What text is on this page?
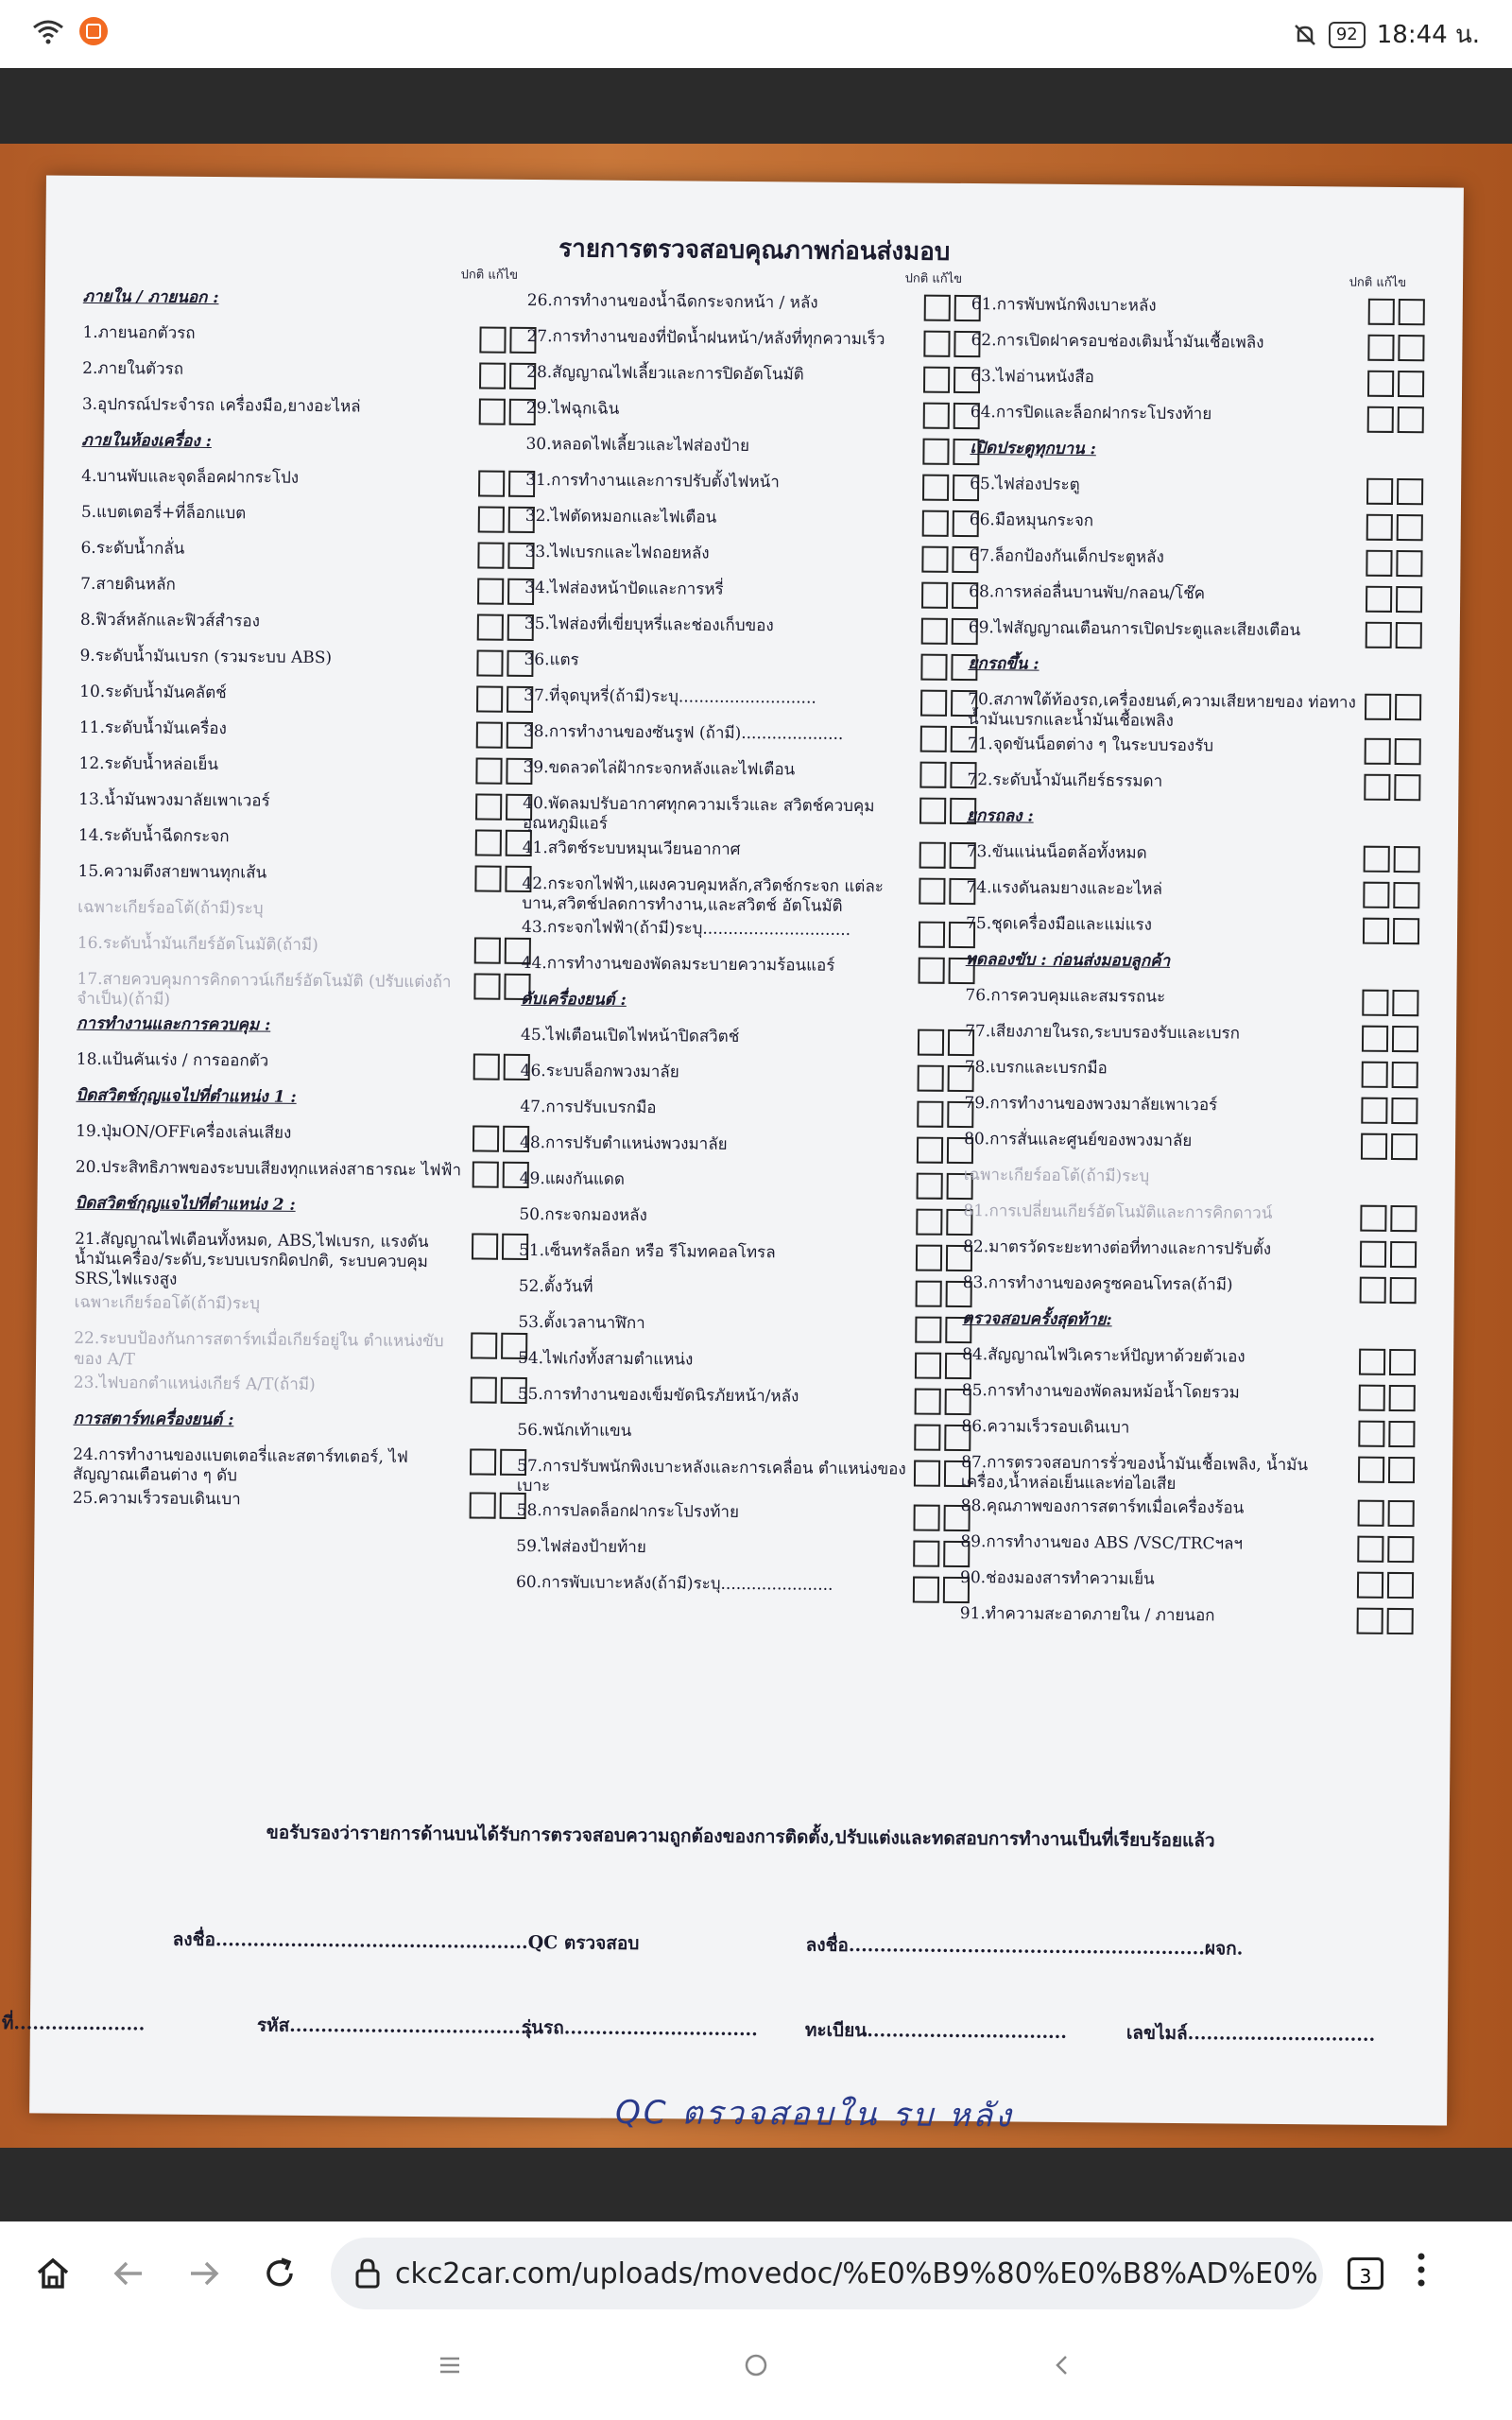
92 18:44 น.
รายการตรวจสอบคุณภาพก่อนส่งมอบ
ปกติ แก้ไข
ภายใน / ภายนอก :
1.ภายนอกตัวรถ
2.ภายในตัวรถ
3.อุปกรณ์ประจำรถ เครื่องมือ,ยางอะไหล่
ภายในห้องเครื่อง :
4.บานพับและจุดล็อคฝากระโปง
5.แบตเตอรี่+ที่ล็อกแบต
6.ระดับน้ำกลั่น
7.สายดินหลัก
8.ฟิวส์หลักและฟิวส์สำรอง
9.ระดับน้ำมันเบรก (รวมระบบ ABS)
10.ระดับน้ำมันคลัตช์
11.ระดับน้ำมันเครื่อง
12.ระดับน้ำหล่อเย็น
13.น้ำมันพวงมาลัยเพาเวอร์
14.ระดับน้ำฉีดกระจก
15.ความตึงสายพานทุกเส้น
เฉพาะเกียร์ออโต้(ถ้ามี)ระบุ
16.ระดับน้ำมันเกียร์อัตโนมัติ(ถ้ามี)
17.สายควบคุมการคิกดาวน์เกียร์อัตโนมัติ (ปรับแต่งถ้าจำเป็น)(ถ้ามี)
การทำงานและการควบคุม :
18.แป้นคันเร่ง / การออกตัว
บิดสวิตช์กุญแจไปที่ตำแหน่ง 1 :
19.ปุ่มON/OFFเครื่องเล่นเสียง
20.ประสิทธิภาพของระบบเสียงทุกแหล่งสาธารณะ ไฟฟ้า
บิดสวิตช์กุญแจไปที่ตำแหน่ง 2 :
21.สัญญาณไฟเตือนทั้งหมด, ABS,ไฟเบรก, แรงดันน้ำมันเครื่อง/ระดับ,ระบบเบรกผิดปกติ, ระบบควบคุม SRS,ไฟแรงสูง
เฉพาะเกียร์ออโต้(ถ้ามี)ระบุ
22.ระบบป้องกันการสตาร์ทเมื่อเกียร์อยู่ใน ตำแหน่งขับของ A/T
23.ไฟบอกตำแหน่งเกียร์ A/T(ถ้ามี)
การสตาร์ทเครื่องยนต์ :
24.การทำงานของแบตเตอรี่และสตาร์ทเตอร์, ไฟสัญญาณเตือนต่าง ๆ ดับ
25.ความเร็วรอบเดินเบา
ปกติ แก้ไข
26.การทำงานของน้ำฉีดกระจกหน้า / หลัง
27.การทำงานของที่ปัดน้ำฝนหน้า/หลังที่ทุกความเร็ว
28.สัญญาณไฟเลี้ยวและการปิดอัตโนมัติ
29.ไฟฉุกเฉิน
30.หลอดไฟเลี้ยวและไฟส่องป้าย
31.การทำงานและการปรับตั้งไฟหน้า
32.ไฟตัดหมอกและไฟเตือน
33.ไฟเบรกและไฟถอยหลัง
34.ไฟส่องหน้าปัดและการหรี่
35.ไฟส่องที่เขี่ยบุหรี่และช่องเก็บของ
36.แตร
37.ที่จุดบุหรี่(ถ้ามี)ระบุ...........................
38.การทำงานของซันรูฟ (ถ้ามี)....................
39.ขดลวดไล่ฝ้ากระจกหลังและไฟเตือน
40.พัดลมปรับอากาศทุกความเร็วและ สวิตช์ควบคุมอุณหภูมิแอร์
41.สวิตช์ระบบหมุนเวียนอากาศ
42.กระจกไฟฟ้า,แผงควบคุมหลัก,สวิตช์กระจก แต่ละบาน,สวิตช์ปลดการทำงาน,และสวิตช์ อัตโนมัติ
43.กระจกไฟฟ้า(ถ้ามี)ระบุ.............................
44.การทำงานของพัดลมระบายความร้อนแอร์
ดับเครื่องยนต์ :
45.ไฟเตือนเปิดไฟหน้าปิดสวิตช์
46.ระบบล็อกพวงมาลัย
47.การปรับเบรกมือ
48.การปรับตำแหน่งพวงมาลัย
49.แผงกันแดด
50.กระจกมองหลัง
51.เซ็นทรัลล็อก หรือ รีโมทคอลโทรล
52.ตั้งวันที่
53.ตั้งเวลานาฬิกา
54.ไฟเก๋งทั้งสามตำแหน่ง
55.การทำงานของเข็มขัดนิรภัยหน้า/หลัง
56.พนักเท้าแขน
57.การปรับพนักพิงเบาะหลังและการเคลื่อน ตำแหน่งของเบาะ
58.การปลดล็อกฝากระโปรงท้าย
59.ไฟส่องป้ายท้าย
60.การพับเบาะหลัง(ถ้ามี)ระบุ......................
ปกติ แก้ไข
61.การพับพนักพิงเบาะหลัง
62.การเปิดฝาครอบช่องเติมน้ำมันเชื้อเพลิง
63.ไฟอ่านหนังสือ
64.การปิดและล็อกฝากระโปรงท้าย
เปิดประตูทุกบาน :
65.ไฟส่องประตู
66.มือหมุนกระจก
67.ล็อกป้องกันเด็กประตูหลัง
68.การหล่อลื่นบานพับ/กลอน/โช๊ค
69.ไฟสัญญาณเตือนการเปิดประตูและเสียงเตือน
ยกรถขึ้น :
70.สภาพใต้ท้องรถ,เครื่องยนต์,ความเสียหายของ ท่อทางน้ำมันเบรกและน้ำมันเชื้อเพลิง
71.จุดขันน็อตต่าง ๆ ในระบบรองรับ
72.ระดับน้ำมันเกียร์ธรรมดา
ยกรถลง :
73.ขันแน่นน็อตล้อทั้งหมด
74.แรงดันลมยางและอะไหล่
75.ชุดเครื่องมือและแม่แรง
ทดลองขับ : ก่อนส่งมอบลูกค้า
76.การควบคุมและสมรรถนะ
77.เสียงภายในรถ,ระบบรองรับและเบรก
78.เบรกและเบรกมือ
79.การทำงานของพวงมาลัยเพาเวอร์
80.การสั่นและศูนย์ของพวงมาลัย
เฉพาะเกียร์ออโต้(ถ้ามี)ระบุ
81.การเปลี่ยนเกียร์อัตโนมัติและการคิกดาวน์
82.มาตรวัดระยะทางต่อที่ทางและการปรับตั้ง
83.การทำงานของครูซคอนโทรล(ถ้ามี)
ตรวจสอบครั้งสุดท้าย:
84.สัญญาณไฟวิเคราะห์ปัญหาด้วยตัวเอง
85.การทำงานของพัดลมหม้อน้ำโดยรวม
86.ความเร็วรอบเดินเบา
87.การตรวจสอบการรั่วของน้ำมันเชื้อเพลิง, น้ำมันเครื่อง,น้ำหล่อเย็นและท่อไอเสีย
88.คุณภาพของการสตาร์ทเมื่อเครื่องร้อน
89.การทำงานของ ABS /VSC/TRCฯลฯ
90.ช่องมองสารทำความเย็น
91.ทำความสะอาดภายใน / ภายนอก
ขอรับรองว่ารายการด้านบนได้รับการตรวจสอบความถูกต้องของการติดตั้ง,ปรับแต่งและทดสอบการทำงานเป็นที่เรียบร้อยแล้ว
ลงชื่อ..................................................QC ตรวจสอบ	ลงชื่อ.........................................................ผจก.
ที่.....................	รหัส.......................................
รุ่นรถ...............................	ทะเบียน................................	เลขไมล์..............................
QC ตรวจสอบใน รบ หลัง
ckc2car.com/uploads/movedoc/%E0%B9%80%E0%B8%AD%E0%	3
